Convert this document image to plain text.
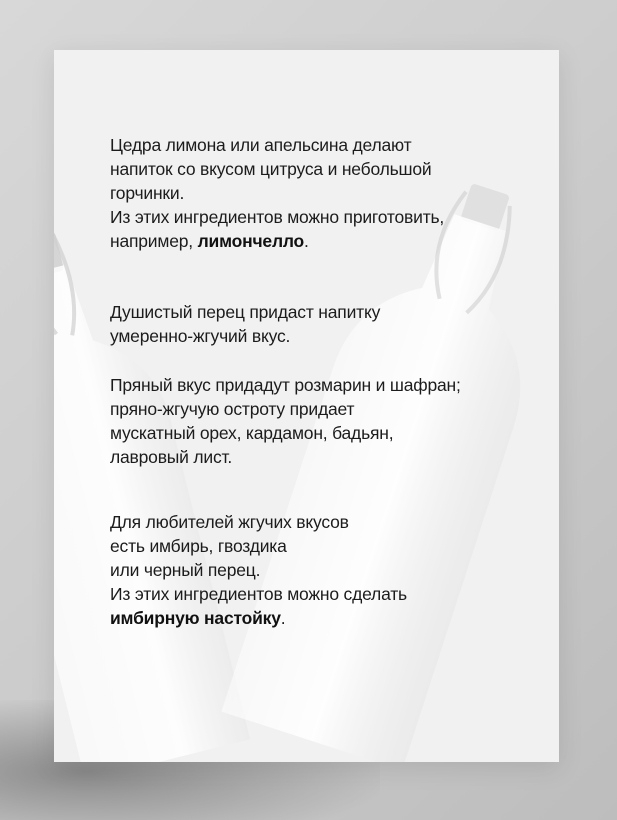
Цедра лимона или апельсина делают
напиток со вкусом цитруса и небольшой
горчинки.
Из этих ингредиентов можно приготовить,
например, лимончелло.

Душистый перец придаст напитку
умеренно-жгучий вкус.

Пряный вкус придадут розмарин и шафран;
пряно-жгучую остроту придает
мускатный орех, кардамон, бадьян,
лавровый лист.

Для любителей жгучих вкусов
есть имбирь, гвоздика
или черный перец.
Из этих ингредиентов можно сделать
имбирную настойку.
